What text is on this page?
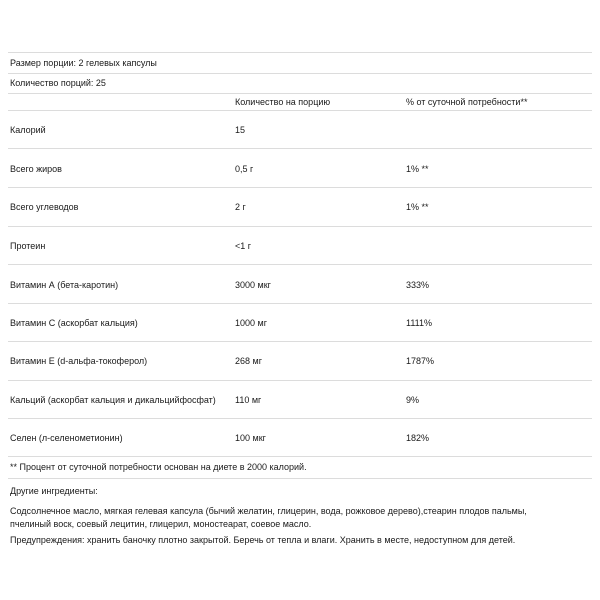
Размер порции: 2 гелевых капсулы
Количество порций: 25
Количество на порцию	% от суточной потребности**
Калорий	15
Всего жиров	0,5 г	1% **
Всего углеводов	2 г	1% **
Протеин	<1 г
Витамин А (бета-каротин)	3000 мкг	333%
Витамин С (аскорбат кальция)	1000 мг	1111%
Витамин Е (d-альфа-токоферол)	268 мг	1787%
Кальций (аскорбат кальция и дикальцийфосфат) 110 мг	9%
Селен (л-селенометионин)	100 мкг	182%
** Процент от суточной потребности основан на диете в 2000 калорий.
Другие ингредиенты:
Содсолнечное масло, мягкая гелевая капсула (бычий желатин, глицерин, вода, рожковое дерево),стеарин плодов пальмы, пчелиный воск, соевый лецитин, глицерил, моностеарат, соевое масло.
Предупреждения: хранить баночку плотно закрытой. Беречь от тепла и влаги. Хранить в месте, недоступном для детей.
